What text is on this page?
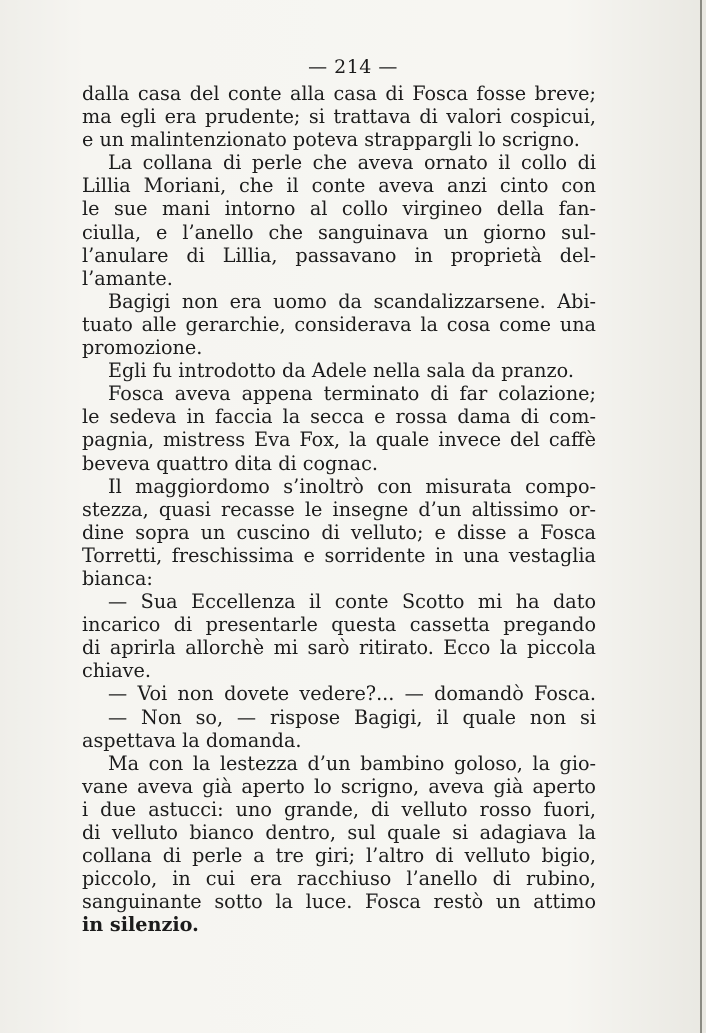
— 214 —
dalla casa del conte alla casa di Fosca fosse breve;
ma egli era prudente; si trattava di valori cospicui,
e un malintenzionato poteva strappargli lo scrigno.
La collana di perle che aveva ornato il collo di
Lillia Moriani, che il conte aveva anzi cinto con
le sue mani intorno al collo virgineo della fan-
ciulla, e l’anello che sanguinava un giorno sul-
l’anulare di Lillia, passavano in proprietà del-
l’amante.
Bagigi non era uomo da scandalizzarsene. Abi-
tuato alle gerarchie, considerava la cosa come una
promozione.
Egli fu introdotto da Adele nella sala da pranzo.
Fosca aveva appena terminato di far colazione;
le sedeva in faccia la secca e rossa dama di com-
pagnia, mistress Eva Fox, la quale invece del caffè
beveva quattro dita di cognac.
Il maggiordomo s’inoltrò con misurata compo-
stezza, quasi recasse le insegne d’un altissimo or-
dine sopra un cuscino di velluto; e disse a Fosca
Torretti, freschissima e sorridente in una vestaglia
bianca:
— Sua Eccellenza il conte Scotto mi ha dato
incarico di presentarle questa cassetta pregando
di aprirla allorchè mi sarò ritirato. Ecco la piccola
chiave.
— Voi non dovete vedere?... — domandò Fosca.
— Non so, — rispose Bagigi, il quale non si
aspettava la domanda.
Ma con la lestezza d’un bambino goloso, la gio-
vane aveva già aperto lo scrigno, aveva già aperto
i due astucci: uno grande, di velluto rosso fuori,
di velluto bianco dentro, sul quale si adagiava la
collana di perle a tre giri; l’altro di velluto bigio,
piccolo, in cui era racchiuso l’anello di rubino,
sanguinante sotto la luce. Fosca restò un attimo
in silenzio.
